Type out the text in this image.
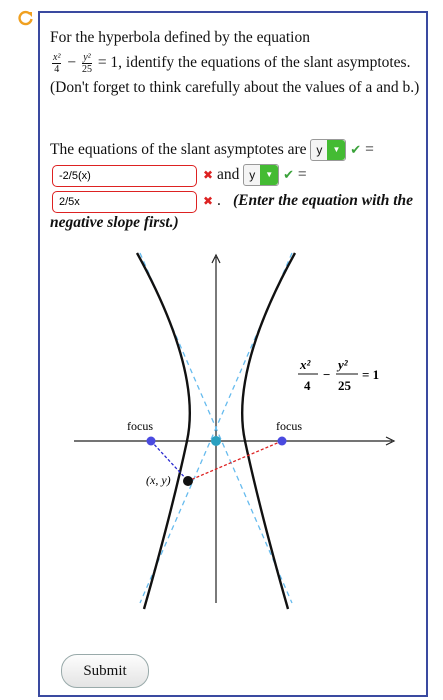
For the hyperbola defined by the equation

$\frac{\text{x²}}{4} - \frac{\text{y²}}{25} = 1$, identify the equations of the slant asymptotes. (Don't forget to think carefully about the values of a and b.)
The equations of the slant asymptotes are y	▼ ✔ =
-2/5(x)	✖ and y	▼ ✔ =
2/5x	✖ . (Enter the equation with the negative slope first.)
focus	focus
(x, y)
x²
4
−
y²
25
= 1
Submit
